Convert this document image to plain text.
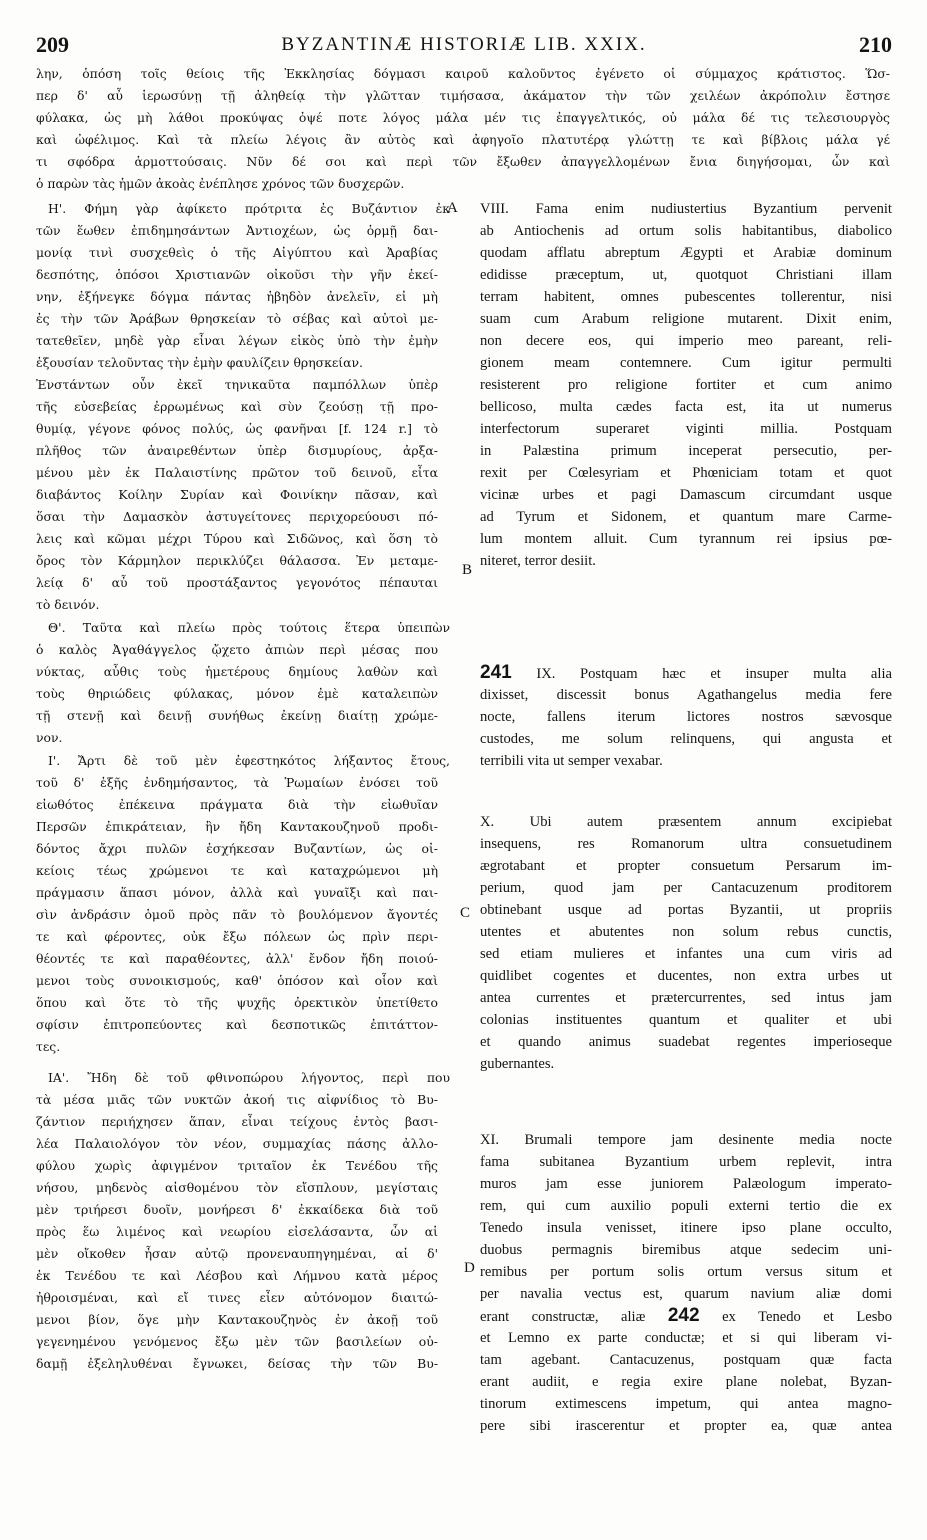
209	BYZANTINÆ HISTORIÆ LIB. XXIX.	210
λην, ὁπόση τοῖς θείοις τῆς Ἐκκλησίας δόγμασι καιροῦ καλοῦντος ἐγένετο οἱ σύμμαχος κράτιστος. Ὥσ-
περ δ' αὖ ἱερωσύνῃ τῇ ἀληθείᾳ τὴν γλῶτταν τιμήσασα, ἀκάματον τὴν τῶν χειλέων ἀκρόπολιν ἔστησε
φύλακα, ὡς μὴ λάθοι προκύψας ὀψέ ποτε λόγος μάλα μέν τις ἐπαγγελτικός, οὐ μάλα δέ τις τελεσιουργὸς
καὶ ὠφέλιμος. Καὶ τὰ πλείω λέγοις ἂν αὐτὸς καὶ ἀφηγοῖο πλατυτέρᾳ γλώττῃ τε καὶ βίβλοις μάλα γέ
τι σφόδρα ἁρμοττούσαις. Νῦν δέ σοι καὶ περὶ τῶν ἔξωθεν ἀπαγγελλομένων ἔνια διηγήσομαι, ὧν καὶ
ὁ παρὼν τὰς ἡμῶν ἀκοὰς ἐνέπλησε χρόνος τῶν δυσχερῶν.
Η'. Φήμη γὰρ ἀφίκετο πρότριτα ἐς Βυζάντιον ἐκ
τῶν ἕωθεν ἐπιδημησάντων Ἀντιοχέων, ὡς ὁρμῇ δαι-
μονίᾳ τινὶ συσχεθεὶς ὁ τῆς Αἰγύπτου καὶ Ἀραβίας
δεσπότης, ὁπόσοι Χριστιανῶν οἰκοῦσι τὴν γῆν ἐκεί-
νην, ἐξήνεγκε δόγμα πάντας ἡβηδὸν ἀνελεῖν, εἰ μὴ
ἐς τὴν τῶν Ἀράβων θρησκείαν τὸ σέβας καὶ αὐτοὶ με-
τατεθεῖεν, μηδὲ γὰρ εἶναι λέγων εἰκὸς ὑπὸ τὴν ἐμὴν
ἐξουσίαν τελοῦντας τὴν ἐμὴν φαυλίζειν θρησκείαν.
Ἐνστάντων οὖν ἐκεῖ τηνικαῦτα παμπόλλων ὑπὲρ
τῆς εὐσεβείας ἐρρωμένως καὶ σὺν ζεούσῃ τῇ προ-
θυμίᾳ, γέγονε φόνος πολύς, ὡς φανῆναι [f. 124 r.] τὸ
πλῆθος τῶν ἀναιρεθέντων ὑπὲρ δισμυρίους, ἀρξα-
μένου μὲν ἐκ Παλαιστίνης πρῶτον τοῦ δεινοῦ, εἶτα
διαβάντος Κοίλην Συρίαν καὶ Φοινίκην πᾶσαν, καὶ
ὅσαι τὴν Δαμασκὸν ἀστυγείτονες περιχορεύουσι πό-
λεις καὶ κῶμαι μέχρι Τύρου καὶ Σιδῶνος, καὶ ὅση τὸ
ὄρος τὸν Κάρμηλον περικλύζει θάλασσα. Ἐν μεταμε-
λείᾳ δ' αὖ τοῦ προστάξαντος γεγονότος πέπαυται
τὸ δεινόν.
Θ'. Ταῦτα καὶ πλείω πρὸς τούτοις ἕτερα ὑπειπὼν
ὁ καλὸς Ἀγαθάγγελος ᾤχετο ἀπιὼν περὶ μέσας που
νύκτας, αὖθις τοὺς ἡμετέρους δημίους λαθὼν καὶ
τοὺς θηριώδεις φύλακας, μόνον ἐμὲ καταλειπὼν
τῇ στενῇ καὶ δεινῇ συνήθως ἐκείνῃ διαίτῃ χρώμε-
νον.
Ι'. Ἄρτι δὲ τοῦ μὲν ἐφεστηκότος λήξαντος ἔτους,
τοῦ δ' ἑξῆς ἐνδημήσαντος, τὰ Ῥωμαίων ἐνόσει τοῦ
εἰωθότος ἐπέκεινα πράγματα διὰ τὴν εἰωθυῖαν
Περσῶν ἐπικράτειαν, ἣν ἤδη Καντακουζηνοῦ προδι-
δόντος ἄχρι πυλῶν ἐσχήκεσαν Βυζαντίων, ὡς οἰ-
κείοις τέως χρώμενοι τε καὶ καταχρώμενοι μὴ
πράγμασιν ἅπασι μόνον, ἀλλὰ καὶ γυναῖξι καὶ παι-
σὶν ἀνδράσιν ὁμοῦ πρὸς πᾶν τὸ βουλόμενον ἄγοντές
τε καὶ φέροντες, οὐκ ἔξω πόλεων ὡς πρὶν περι-
θέοντές τε καὶ παραθέοντες, ἀλλ' ἔνδον ἤδη ποιού-
μενοι τοὺς συνοικισμούς, καθ' ὁπόσον καὶ οἷον καὶ
ὅπου καὶ ὅτε τὸ τῆς ψυχῆς ὀρεκτικὸν ὑπετίθετο
σφίσιν ἐπιτροπεύοντες καὶ δεσποτικῶς ἐπιτάττον-
τες.
ΙΑ'. Ἤδη δὲ τοῦ φθινοπώρου λήγοντος, περὶ που
τὰ μέσα μιᾶς τῶν νυκτῶν ἀκοή τις αἰφνίδιος τὸ Βυ-
ζάντιον περιήχησεν ἅπαν, εἶναι τείχους ἐντὸς βασι-
λέα Παλαιολόγον τὸν νέον, συμμαχίας πάσης ἀλλο-
φύλου χωρὶς ἀφιγμένον τριταῖον ἐκ Τενέδου τῆς
νήσου, μηδενὸς αἰσθομένου τὸν εἴσπλουν, μεγίσταις
μὲν τριήρεσι δυοῖν, μονήρεσι δ' ἐκκαίδεκα διὰ τοῦ
πρὸς ἕω λιμένος καὶ νεωρίου εἰσελάσαντα, ὧν αἱ
μὲν οἴκοθεν ἦσαν αὐτῷ προνεναυπηγημέναι, αἱ δ'
ἐκ Τενέδου τε καὶ Λέσβου καὶ Λήμνου κατὰ μέρος
ἠθροισμέναι, καὶ εἴ τινες εἶεν αὐτόνομον διαιτώ-
μενοι βίον, ὅγε μὴν Καντακουζηνὸς ἐν ἀκοῇ τοῦ
γεγενημένου γενόμενος ἔξω μὲν τῶν βασιλείων οὐ-
δαμῇ ἐξεληλυθέναι ἔγνωκει, δείσας τὴν τῶν Βυ-
A
B
C
D
VIII. Fama enim nudiustertius Byzantium pervenit
ab Antiochenis ad ortum solis habitantibus, diabolico
quodam afflatu abreptum Ægypti et Arabiæ dominum
edidisse præceptum, ut, quotquot Christiani illam
terram habitent, omnes pubescentes tollerentur, nisi
suam cum Arabum religione mutarent. Dixit enim,
non decere eos, qui imperio meo pareant, reli-
gionem meam contemnere. Cum igitur permulti
resisterent pro religione fortiter et cum animo
bellicoso, multa cædes facta est, ita ut numerus
interfectorum superaret viginti millia. Postquam
in Palæstina primum inceperat persecutio, per-
rexit per Cœlesyriam et Phœniciam totam et quot
vicinæ urbes et pagi Damascum circumdant usque
ad Tyrum et Sidonem, et quantum mare Carme-
lum montem alluit. Cum tyrannum rei ipsius pœ-
niteret, terror desiit.
241 IX. Postquam hæc et insuper multa alia
dixisset, discessit bonus Agathangelus media fere
nocte, fallens iterum lictores nostros sævosque
custodes, me solum relinquens, qui angusta et
terribili vita ut semper vexabar.
X. Ubi autem præsentem annum excipiebat
insequens, res Romanorum ultra consuetudinem
ægrotabant et propter consuetum Persarum im-
perium, quod jam per Cantacuzenum proditorem
obtinebant usque ad portas Byzantii, ut propriis
utentes et abutentes non solum rebus cunctis,
sed etiam mulieres et infantes una cum viris ad
quidlibet cogentes et ducentes, non extra urbes ut
antea currentes et prætercurrentes, sed intus jam
colonias instituentes quantum et qualiter et ubi
et quando animus suadebat regentes imperioseque
gubernantes.
XI. Brumali tempore jam desinente media nocte
fama subitanea Byzantium urbem replevit, intra
muros jam esse juniorem Palæologum imperato-
rem, qui cum auxilio populi externi tertio die ex
Tenedo insula venisset, itinere ipso plane occulto,
duobus permagnis biremibus atque sedecim uni-
remibus per portum solis ortum versus situm et
per navalia vectus est, quarum navium aliæ domi
erant constructæ, aliæ 242 ex Tenedo et Lesbo
et Lemno ex parte conductæ; et si qui liberam vi-
tam agebant. Cantacuzenus, postquam quæ facta
erant audiit, e regia exire plane nolebat, Byzan-
tinorum extimescens impetum, qui antea magno-
pere sibi irascerentur et propter ea, quæ antea
